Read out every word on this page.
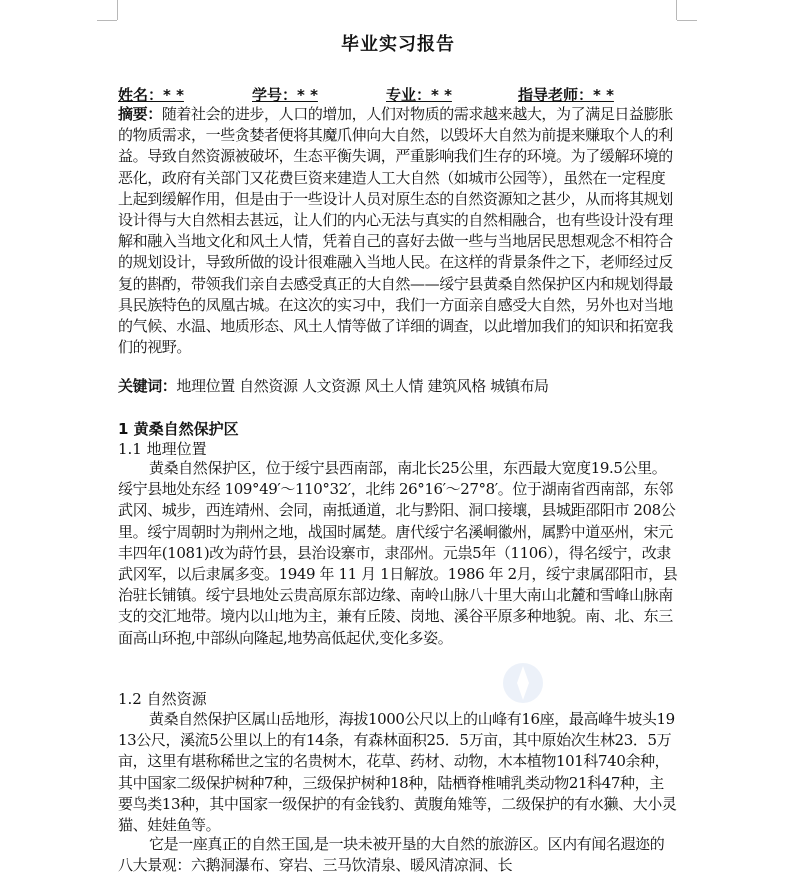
毕业实习报告
姓名：* *	学号：* *	专业：* *	指导老师：* *
摘要：随着社会的进步，人口的增加，人们对物质的需求越来越大，为了满足日益膨胀的物质需求，一些贪婪者便将其魔爪伸向大自然，以毁坏大自然为前提来赚取个人的利益。导致自然资源被破坏，生态平衡失调，严重影响我们生存的环境。为了缓解环境的恶化，政府有关部门又花费巨资来建造人工大自然（如城市公园等），虽然在一定程度上起到缓解作用，但是由于一些设计人员对原生态的自然资源知之甚少，从而将其规划设计得与大自然相去甚远，让人们的内心无法与真实的自然相融合，也有些设计没有理解和融入当地文化和风土人情，凭着自己的喜好去做一些与当地居民思想观念不相符合的规划设计，导致所做的设计很难融入当地人民。在这样的背景条件之下，老师经过反复的斟酌，带领我们亲自去感受真正的大自然——绥宁县黄桑自然保护区内和规划得最具民族特色的凤凰古城。在这次的实习中，我们一方面亲自感受大自然，另外也对当地的气候、水温、地质形态、风土人情等做了详细的调查，以此增加我们的知识和拓宽我们的视野。
关键词：地理位置 自然资源 人文资源 风土人情 建筑风格 城镇布局
1 黄桑自然保护区
1.1 地理位置
黄桑自然保护区，位于绥宁县西南部，南北长25公里，东西最大宽度19.5公里。绥宁县地处东经 109°49′～110°32′，北纬 26°16′～27°8′。位于湖南省西南部，东邻武冈、城步，西连靖州、会同，南抵通道，北与黔阳、洞口接壤，县城距邵阳市 208公里。绥宁周朝时为荆州之地，战国时属楚。唐代绥宁名溪峒徽州，属黔中道巫州，宋元丰四年(1081)改为莳竹县，县治设寨市，隶邵州。元祟5年（1106），得名绥宁，改隶武冈军，以后隶属多变。1949 年 11 月 1日解放。1986 年 2月，绥宁隶属邵阳市，县治驻长铺镇。绥宁县地处云贵高原东部边缘、南岭山脉八十里大南山北麓和雪峰山脉南支的交汇地带。境内以山地为主，兼有丘陵、岗地、溪谷平原多种地貌。南、北、东三面高山环抱,中部纵向隆起,地势高低起伏,变化多姿。
1.2 自然资源
黄桑自然保护区属山岳地形，海拔1000公尺以上的山峰有16座，最高峰牛坡头1913公尺，溪流5公里以上的有14条，有森林面积25．5万亩，其中原始次生林23．5万亩，这里有堪称稀世之宝的名贵树木，花草、药材、动物，木本植物101科740余种，其中国家二级保护树种7种，三级保护树种18种，陆栖脊椎哺乳类动物21科47种，主要鸟类13种，其中国家一级保护的有金钱豹、黄腹角雉等，二级保护的有水獭、大小灵猫、娃娃鱼等。
它是一座真正的自然王国,是一块未被开垦的大自然的旅游区。区内有闻名遐迩的八大景观：六鹅洞瀑布、穿岩、三马饮清泉、暖风清凉洞、长
